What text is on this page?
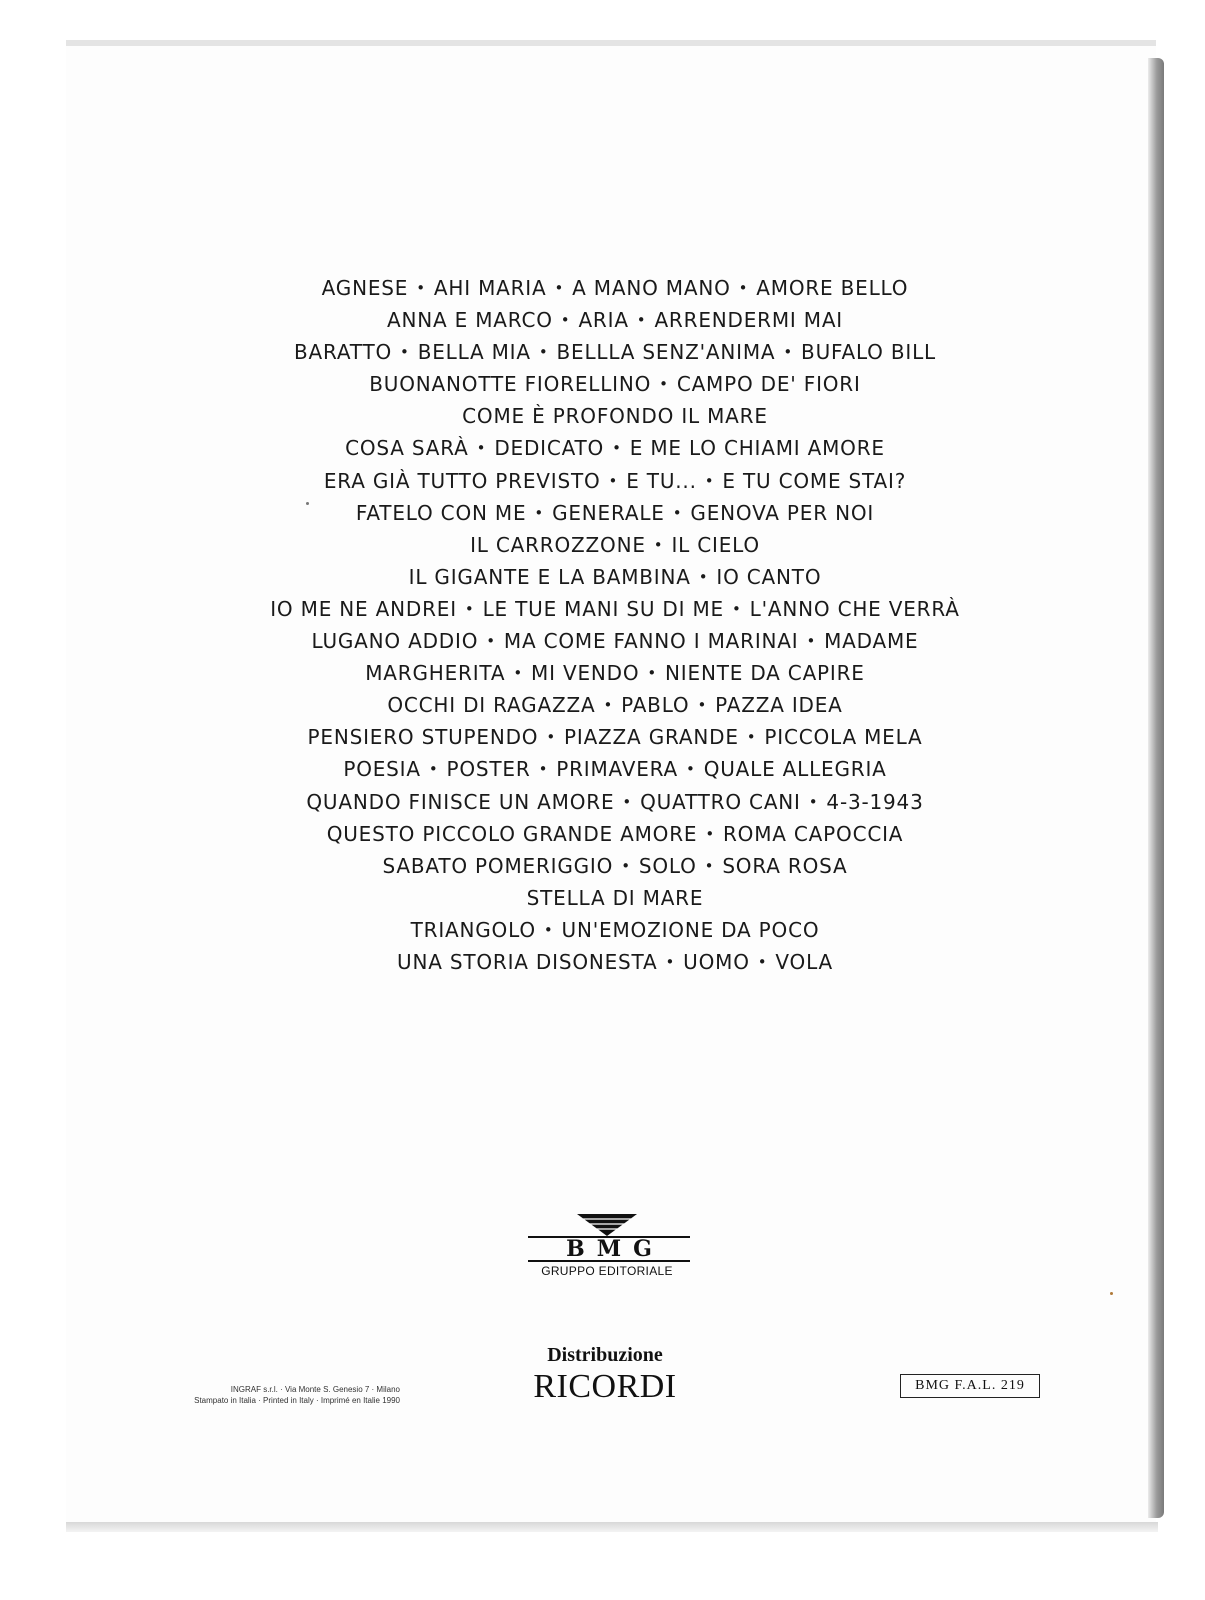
AGNESE • AHI MARIA • A MANO MANO • AMORE BELLO
ANNA E MARCO • ARIA • ARRENDERMI MAI
BARATTO • BELLA MIA • BELLLA SENZ'ANIMA • BUFALO BILL
BUONANOTTE FIORELLINO • CAMPO DE' FIORI
COME È PROFONDO IL MARE
COSA SARÀ • DEDICATO • E ME LO CHIAMI AMORE
ERA GIÀ TUTTO PREVISTO • E TU... • E TU COME STAI?
FATELO CON ME • GENERALE • GENOVA PER NOI
IL CARROZZONE • IL CIELO
IL GIGANTE E LA BAMBINA • IO CANTO
IO ME NE ANDREI • LE TUE MANI SU DI ME • L'ANNO CHE VERRÀ
LUGANO ADDIO • MA COME FANNO I MARINAI • MADAME
MARGHERITA • MI VENDO • NIENTE DA CAPIRE
OCCHI DI RAGAZZA • PABLO • PAZZA IDEA
PENSIERO STUPENDO • PIAZZA GRANDE • PICCOLA MELA
POESIA • POSTER • PRIMAVERA • QUALE ALLEGRIA
QUANDO FINISCE UN AMORE • QUATTRO CANI • 4-3-1943
QUESTO PICCOLO GRANDE AMORE • ROMA CAPOCCIA
SABATO POMERIGGIO • SOLO • SORA ROSA
STELLA DI MARE
TRIANGOLO • UN'EMOZIONE DA POCO
UNA STORIA DISONESTA • UOMO • VOLA
BMG
GRUPPO EDITORIALE
INGRAF s.r.l. · Via Monte S. Genesio 7 · Milano
Stampato in Italia · Printed in Italy · Imprimé en Italie 1990
Distribuzione
RICORDI	BMG F.A.L. 219
